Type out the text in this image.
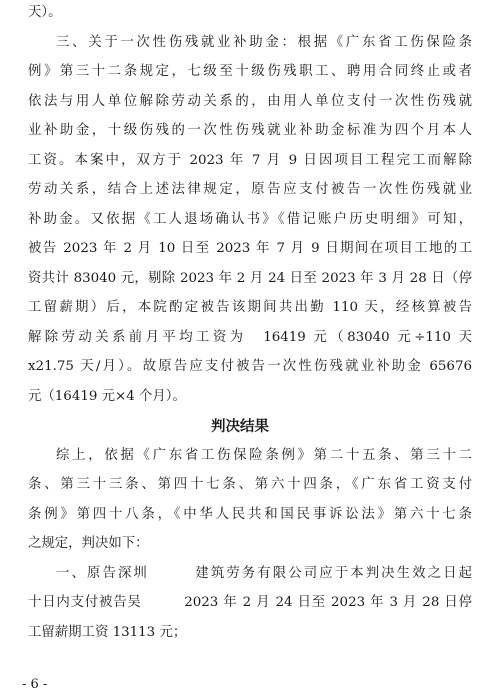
天）。
三、关于一次性伤残就业补助金：根据《广东省工伤保险条
例》第三十二条规定，七级至十级伤残职工、聘用合同终止或者
依法与用人单位解除劳动关系的，由用人单位支付一次性伤残就
业补助金，十级伤残的一次性伤残就业补助金标准为四个月本人
工资。本案中，双方于 2023 年 7 月 9 日因项目工程完工而解除
劳动关系，结合上述法律规定，原告应支付被告一次性伤残就业
补助金。又依据《工人退场确认书》《借记账户历史明细》可知，
被告 2023 年 2 月 10 日至 2023 年 7 月 9 日期间在项目工地的工
资共计 83040 元，剔除 2023 年 2 月 24 日至 2023 年 3 月 28 日（停
工留薪期）后，本院酌定被告该期间共出勤 110 天，经核算被告
解除劳动关系前月平均工资为　16419 元（83040 元÷110 天
x21.75 天/月）。故原告应支付被告一次性伤残就业补助金 65676
元（16419 元×4 个月）。
判决结果
综上，依据《广东省工伤保险条例》第二十五条、第三十二
条、第三十三条、第四十七条、第六十四条，《广东省工资支付
条例》第四十八条，《中华人民共和国民事诉讼法》第六十七条
之规定，判决如下：
一、原告深圳　　　建筑劳务有限公司应于本判决生效之日起
十日内支付被告吴　　　2023 年 2 月 24 日至 2023 年 3 月 28 日停
工留薪期工资 13113 元；
- 6 -
